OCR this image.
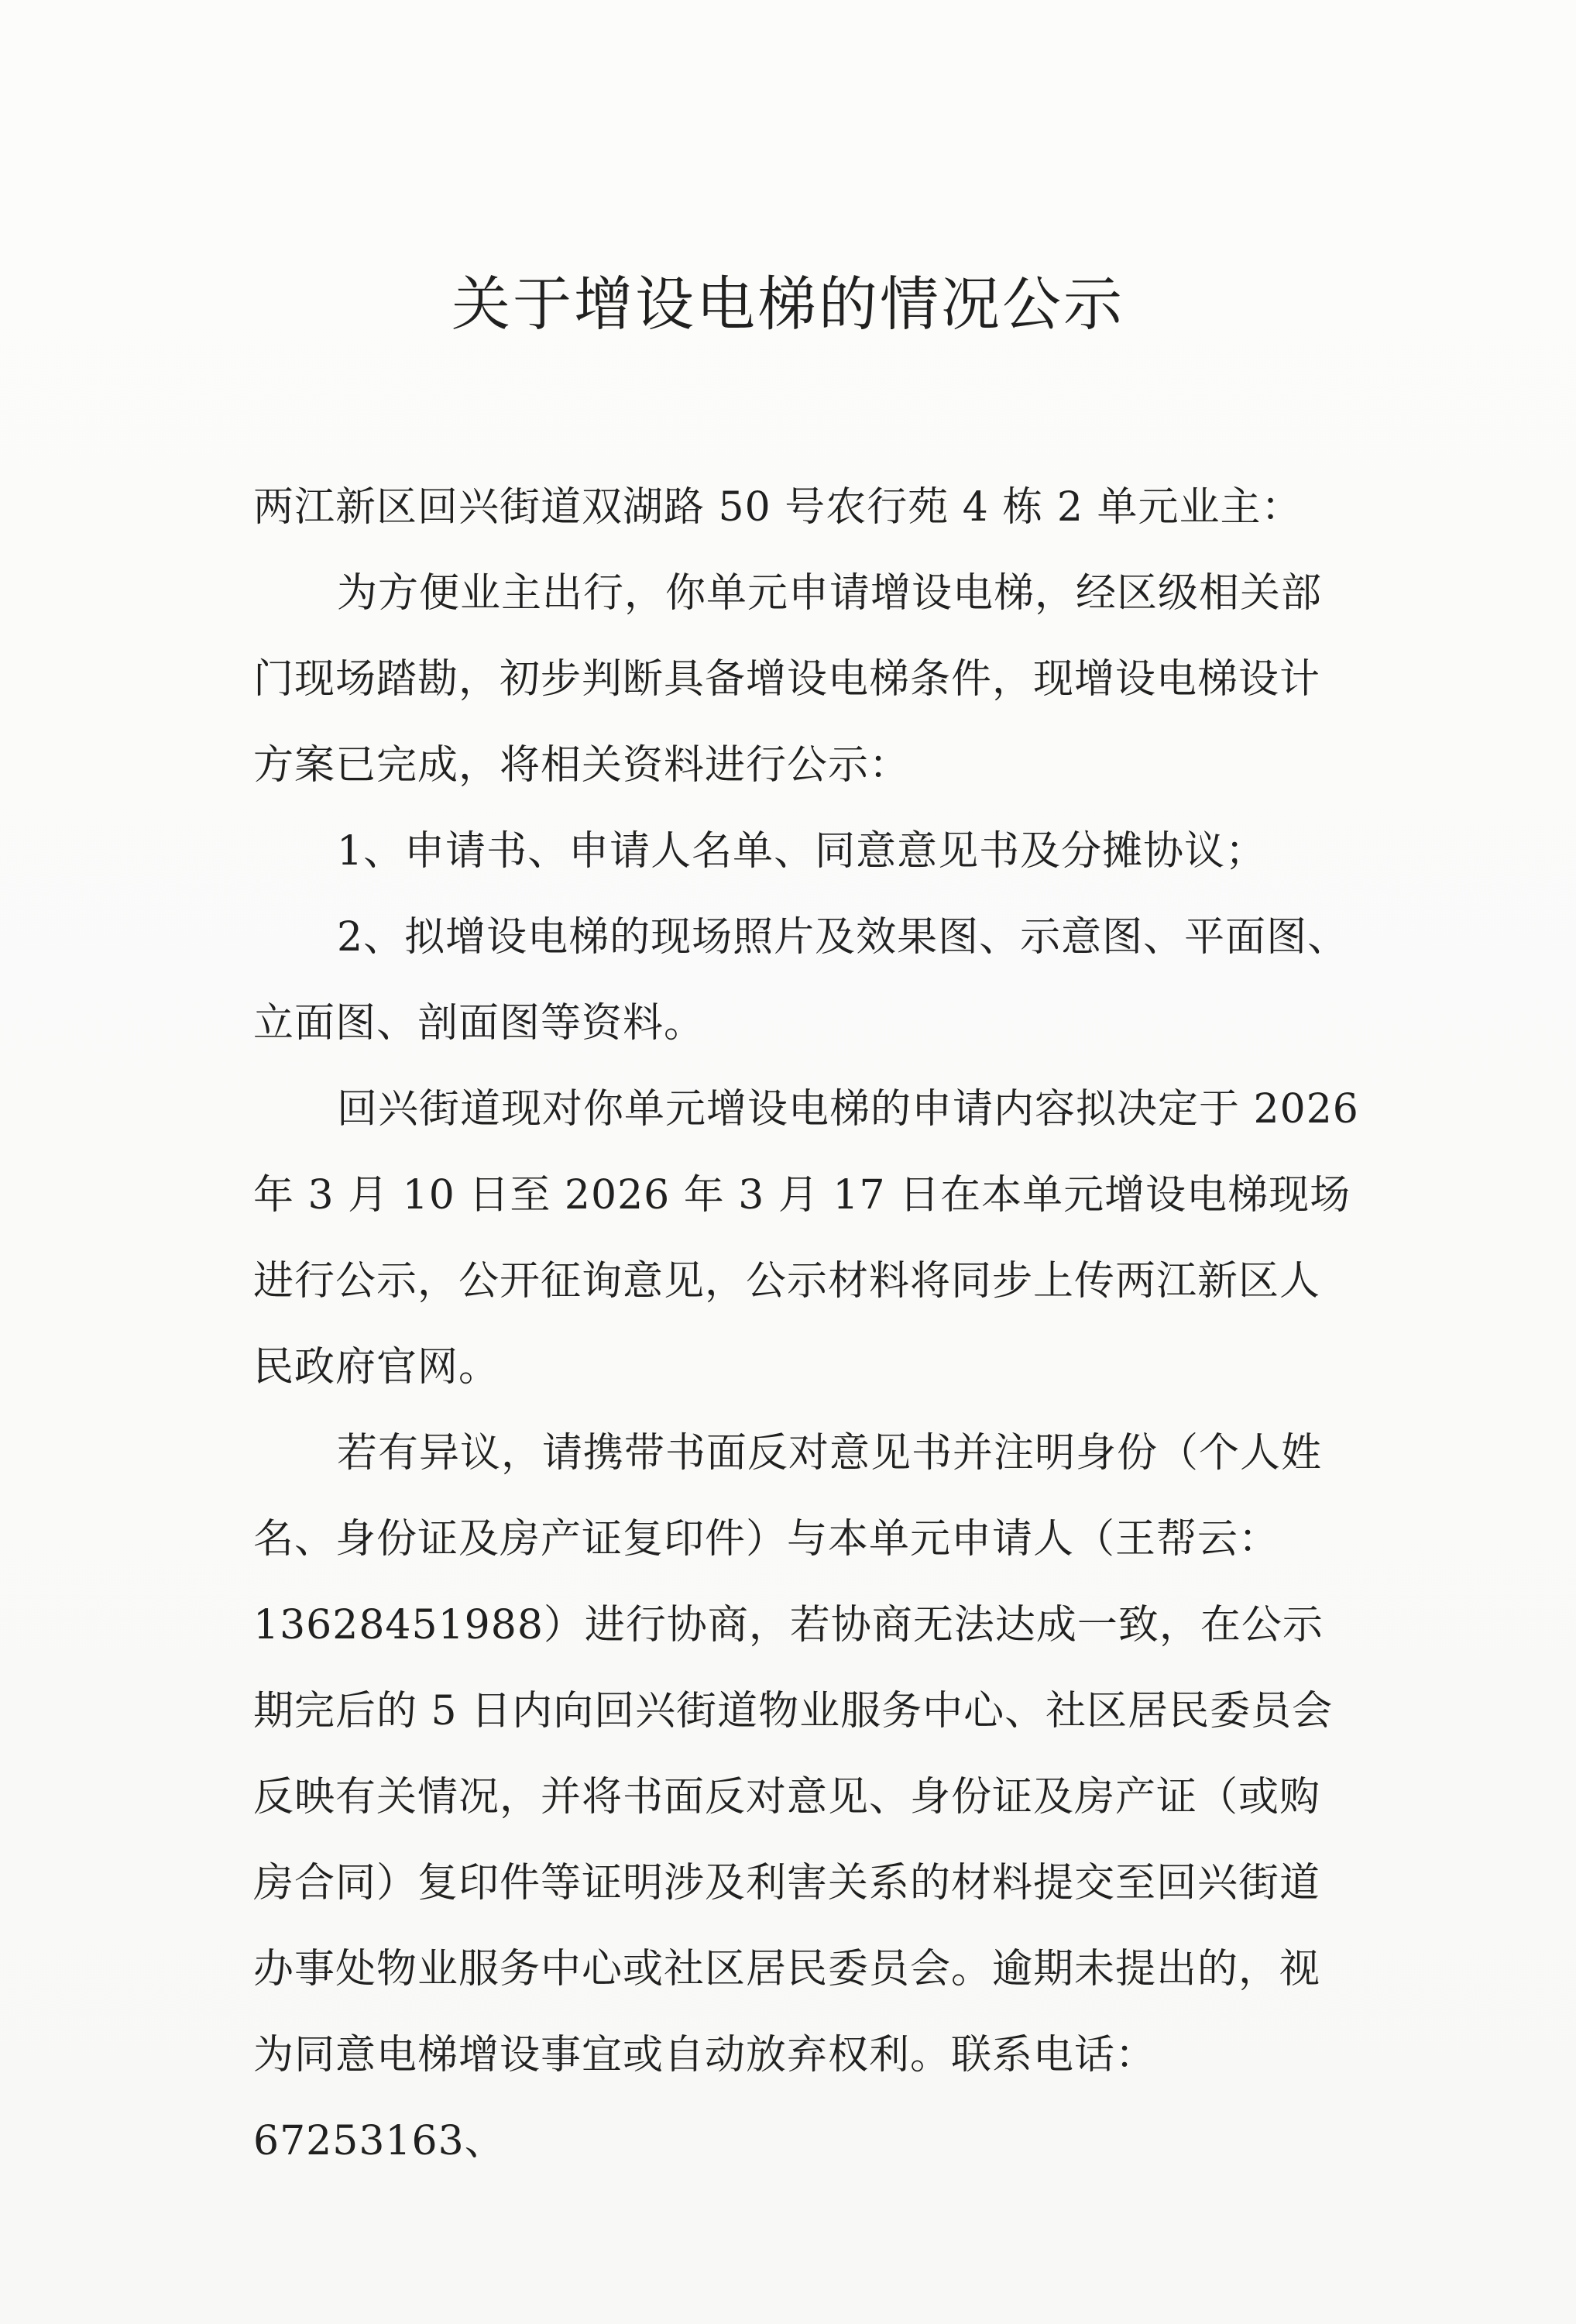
关于增设电梯的情况公示

两江新区回兴街道双湖路 50 号农行苑 4 栋 2 单元业主：

为方便业主出行，你单元申请增设电梯，经区级相关部门现场踏勘，初步判断具备增设电梯条件，现增设电梯设计方案已完成，将相关资料进行公示：

1、申请书、申请人名单、同意意见书及分摊协议；

2、拟增设电梯的现场照片及效果图、示意图、平面图、立面图、剖面图等资料。

回兴街道现对你单元增设电梯的申请内容拟决定于 2026 年 3 月 10 日至 2026 年 3 月 17 日在本单元增设电梯现场进行公示，公开征询意见，公示材料将同步上传两江新区人民政府官网。

若有异议，请携带书面反对意见书并注明身份（个人姓名、身份证及房产证复印件）与本单元申请人（王帮云：13628451988）进行协商，若协商无法达成一致，在公示期完后的 5 日内向回兴街道物业服务中心、社区居民委员会反映有关情况，并将书面反对意见、身份证及房产证（或购房合同）复印件等证明涉及利害关系的材料提交至回兴街道办事处物业服务中心或社区居民委员会。逾期未提出的，视为同意电梯增设事宜或自动放弃权利。联系电话：67253163、
